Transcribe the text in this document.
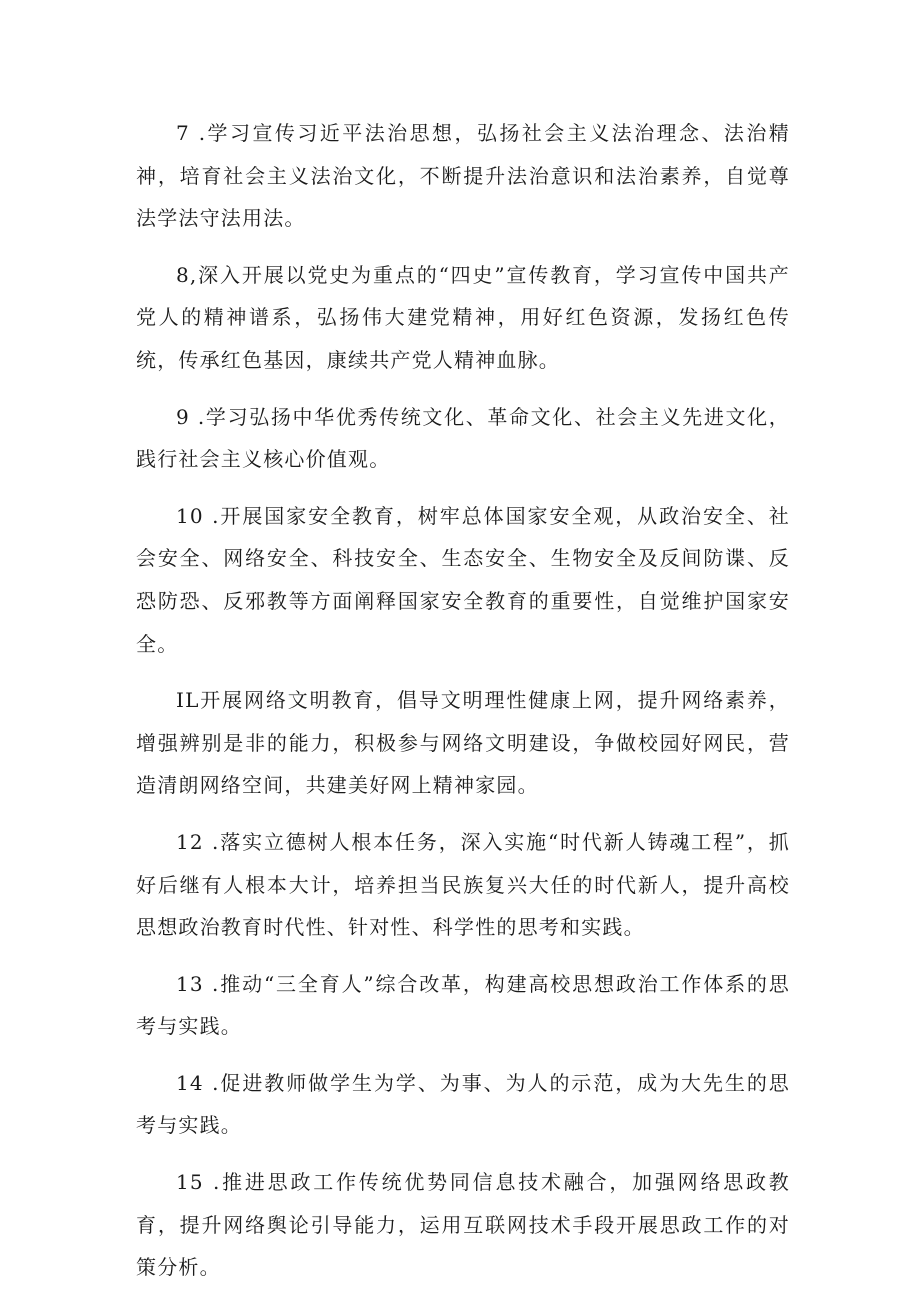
7 .学习宣传习近平法治思想，弘扬社会主义法治理念、法治精神，培育社会主义法治文化，不断提升法治意识和法治素养，自觉尊法学法守法用法。

8,深入开展以党史为重点的“四史”宣传教育，学习宣传中国共产党人的精神谱系，弘扬伟大建党精神，用好红色资源，发扬红色传统，传承红色基因，康续共产党人精神血脉。

9 .学习弘扬中华优秀传统文化、革命文化、社会主义先进文化，践行社会主义核心价值观。

10 .开展国家安全教育，树牢总体国家安全观，从政治安全、社会安全、网络安全、科技安全、生态安全、生物安全及反间防谍、反恐防恐、反邪教等方面阐释国家安全教育的重要性，自觉维护国家安全。

IL开展网络文明教育，倡导文明理性健康上网，提升网络素养，增强辨别是非的能力，积极参与网络文明建设，争做校园好网民，营造清朗网络空间，共建美好网上精神家园。

12 .落实立德树人根本任务，深入实施“时代新人铸魂工程”，抓好后继有人根本大计，培养担当民族复兴大任的时代新人，提升高校思想政治教育时代性、针对性、科学性的思考和实践。

13 .推动“三全育人”综合改革，构建高校思想政治工作体系的思考与实践。

14 .促进教师做学生为学、为事、为人的示范，成为大先生的思考与实践。

15 .推进思政工作传统优势同信息技术融合，加强网络思政教育，提升网络舆论引导能力，运用互联网技术手段开展思政工作的对策分析。
